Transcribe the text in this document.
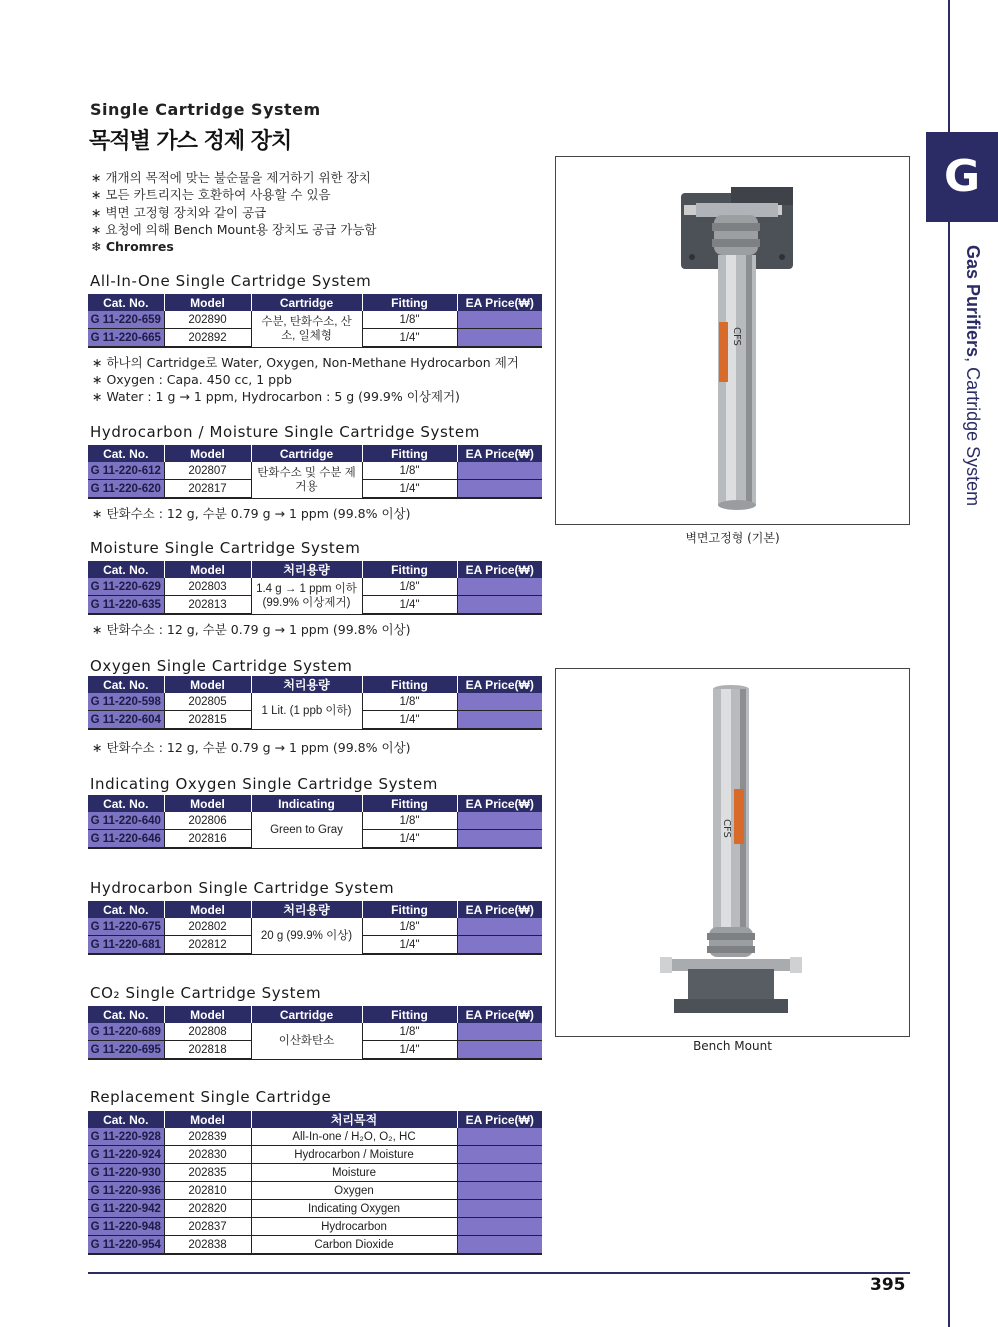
Single Cartridge System
목적별 가스 정제 장치
∗ 개개의 목적에 맞는 불순물을 제거하기 위한 장치
∗ 모든 카트리지는 호환하여 사용할 수 있음
∗ 벽면 고정형 장치와 같이 공급
∗ 요청에 의해 Bench Mount용 장치도 공급 가능함
❄ Chromres
All-In-One Single Cartridge System
Cat. No.	Model	Cartridge	Fitting	EA Price(₩)
G 11-220-659	202890	수분, 탄화수소, 산소, 일체형	1/8"	
G 11-220-665	202892		1/4"	
∗ 하나의 Cartridge로 Water, Oxygen, Non-Methane Hydrocarbon 제거
∗ Oxygen : Capa. 450 cc, 1 ppb
∗ Water : 1 g → 1 ppm, Hydrocarbon : 5 g (99.9% 이상제거)
Hydrocarbon / Moisture Single Cartridge System
Cat. No.	Model	Cartridge	Fitting	EA Price(₩)
G 11-220-612	202807	탄화수소 및 수분 제거용	1/8"	
G 11-220-620	202817		1/4"	
∗ 탄화수소 : 12 g, 수분 0.79 g → 1 ppm (99.8% 이상)
Moisture Single Cartridge System
Cat. No.	Model	처리용량	Fitting	EA Price(₩)
G 11-220-629	202803	1.4 g → 1 ppm 이하 (99.9% 이상제거)	1/8"	
G 11-220-635	202813		1/4"	
∗ 탄화수소 : 12 g, 수분 0.79 g → 1 ppm (99.8% 이상)
Oxygen Single Cartridge System
Cat. No.	Model	처리용량	Fitting	EA Price(₩)
G 11-220-598	202805	1 Lit. (1 ppb 이하)	1/8"	
G 11-220-604	202815		1/4"	
∗ 탄화수소 : 12 g, 수분 0.79 g → 1 ppm (99.8% 이상)
Indicating Oxygen Single Cartridge System
Cat. No.	Model	Indicating	Fitting	EA Price(₩)
G 11-220-640	202806	Green to Gray	1/8"	
G 11-220-646	202816		1/4"	
Hydrocarbon Single Cartridge System
Cat. No.	Model	처리용량	Fitting	EA Price(₩)
G 11-220-675	202802	20 g (99.9% 이상)	1/8"	
G 11-220-681	202812		1/4"	
CO₂ Single Cartridge System
Cat. No.	Model	Cartridge	Fitting	EA Price(₩)
G 11-220-689	202808	이산화탄소	1/8"	
G 11-220-695	202818		1/4"	
Replacement Single Cartridge
Cat. No.	Model	처리목적	EA Price(₩)
G 11-220-928	202839	All-In-one / H₂O, O₂, HC	
G 11-220-924	202830	Hydrocarbon / Moisture	
G 11-220-930	202835	Moisture	
G 11-220-936	202810	Oxygen	
G 11-220-942	202820	Indicating Oxygen	
G 11-220-948	202837	Hydrocarbon	
G 11-220-954	202838	Carbon Dioxide	
CFS
벽면고정형 (기본)
CFS
Bench Mount
G
Gas Purifiers, Cartridge System
395
